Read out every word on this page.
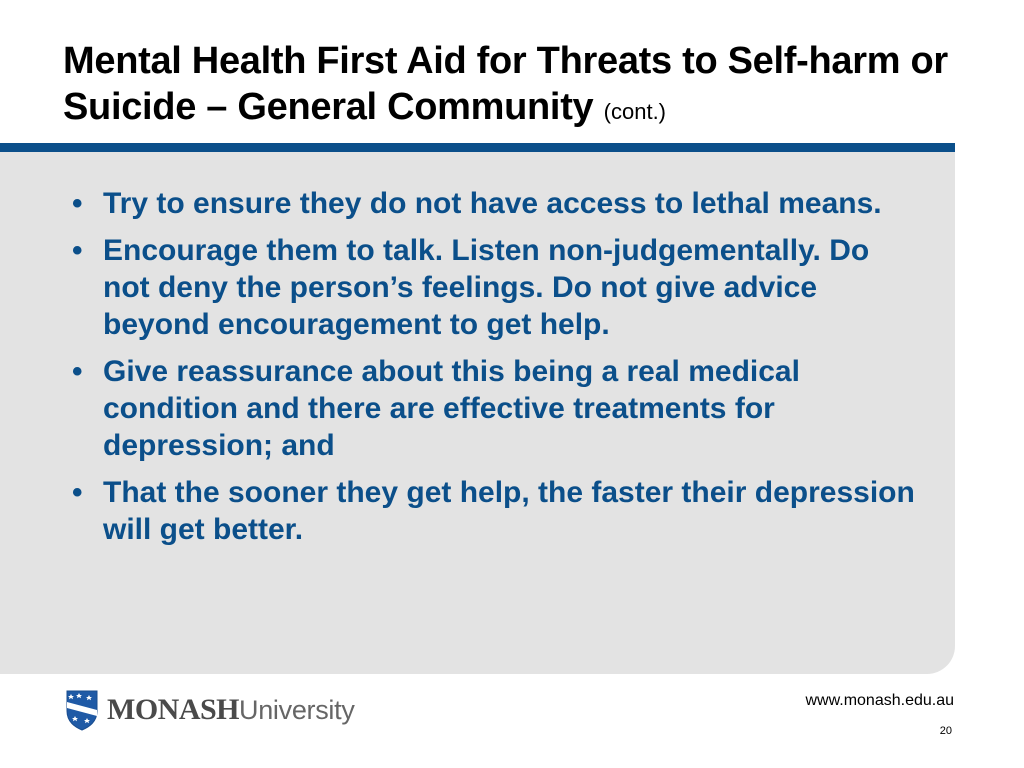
Mental Health First Aid for Threats to Self-harm or Suicide – General Community (cont.)
• Try to ensure they do not have access to lethal means.
• Encourage them to talk. Listen non-judgementally. Do not deny the person’s feelings. Do not give advice beyond encouragement to get help.
• Give reassurance about this being a real medical condition and there are effective treatments for depression; and
• That the sooner they get help, the faster their depression will get better.
MONASHUniversity	www.monash.edu.au
20
